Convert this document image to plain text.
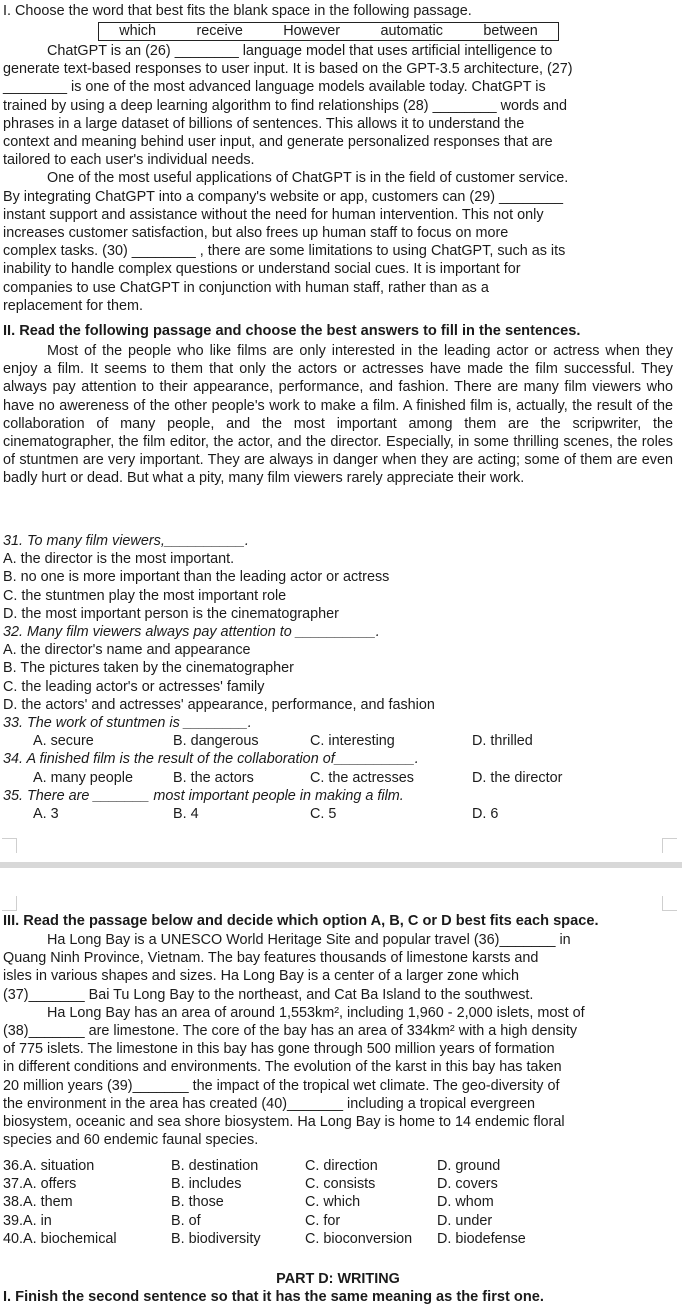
I. Choose the word that best fits the blank space in the following passage.
which	receive	However	automatic	between

ChatGPT is an (26) ________ language model that uses artificial intelligence to

generate text-based responses to user input. It is based on the GPT-3.5 architecture, (27)

________ is one of the most advanced language models available today. ChatGPT is

trained by using a deep learning algorithm to find relationships (28) ________ words and

phrases in a large dataset of billions of sentences. This allows it to understand the

context and meaning behind user input, and generate personalized responses that are

tailored to each user's individual needs.

One of the most useful applications of ChatGPT is in the field of customer service.

By integrating ChatGPT into a company's website or app, customers can (29) ________

instant support and assistance without the need for human intervention. This not only

increases customer satisfaction, but also frees up human staff to focus on more

complex tasks. (30) ________ , there are some limitations to using ChatGPT, such as its

inability to handle complex questions or understand social cues. It is important for

companies to use ChatGPT in conjunction with human staff, rather than as a

replacement for them.

II. Read the following passage and choose the best answers to fill in the sentences.

Most of the people who like films are only interested in the leading actor or actress when they enjoy a film. It seems to them that only the actors or actresses have made the film successful. They always pay attention to their appearance, performance, and fashion. There are many film viewers who have no awereness of the other people's work to make a film. A finished film is, actually, the result of the collaboration of many people, and the most important among them are the scripwriter, the cinematographer, the film editor, the actor, and the director. Especially, in some thrilling scenes, the roles of stuntmen are very important. They are always in danger when they are acting; some of them are even badly hurt or dead. But what a pity, many film viewers rarely appreciate their work.

31. To many film viewers,__________.
A. the director is the most important.
B. no one is more important than the leading actor or actress
C. the stuntmen play the most important role
D. the most important person is the cinematographer
32. Many film viewers always pay attention to __________.
A. the director's name and appearance
B. The pictures taken by the cinematographer
C. the leading actor's or actresses' family
D. the actors' and actresses' appearance, performance, and fashion
33. The work of stuntmen is ________.
A. secure	B. dangerous	C. interesting	D. thrilled
34. A finished film is the result of the collaboration of__________.
A. many people	B. the actors	C. the actresses	D. the director
35. There are _______ most important people in making a film.
A. 3	B. 4	C. 5	D. 6
III. Read the passage below and decide which option A, B, C or D best fits each space.

Ha Long Bay is a UNESCO World Heritage Site and popular travel (36)_______ in

Quang Ninh Province, Vietnam. The bay features thousands of limestone karsts and

isles in various shapes and sizes. Ha Long Bay is a center of a larger zone which

(37)_______ Bai Tu Long Bay to the northeast, and Cat Ba Island to the southwest.

Ha Long Bay has an area of around 1,553km², including 1,960 - 2,000 islets, most of

(38)_______ are limestone. The core of the bay has an area of 334km² with a high density

of 775 islets. The limestone in this bay has gone through 500 million years of formation

in different conditions and environments. The evolution of the karst in this bay has taken

20 million years (39)_______ the impact of the tropical wet climate. The geo-diversity of

the environment in the area has created (40)_______ including a tropical evergreen

biosystem, oceanic and sea shore biosystem. Ha Long Bay is home to 14 endemic floral

species and 60 endemic faunal species.

36.A. situation	B. destination	C. direction	D. ground
37.A. offers	B. includes	C. consists	D. covers
38.A. them	B. those	C. which	D. whom
39.A. in	B. of	C. for	D. under
40.A. biochemical	B. biodiversity	C. bioconversion	D. biodefense
PART D: WRITING
I. Finish the second sentence so that it has the same meaning as the first one.
